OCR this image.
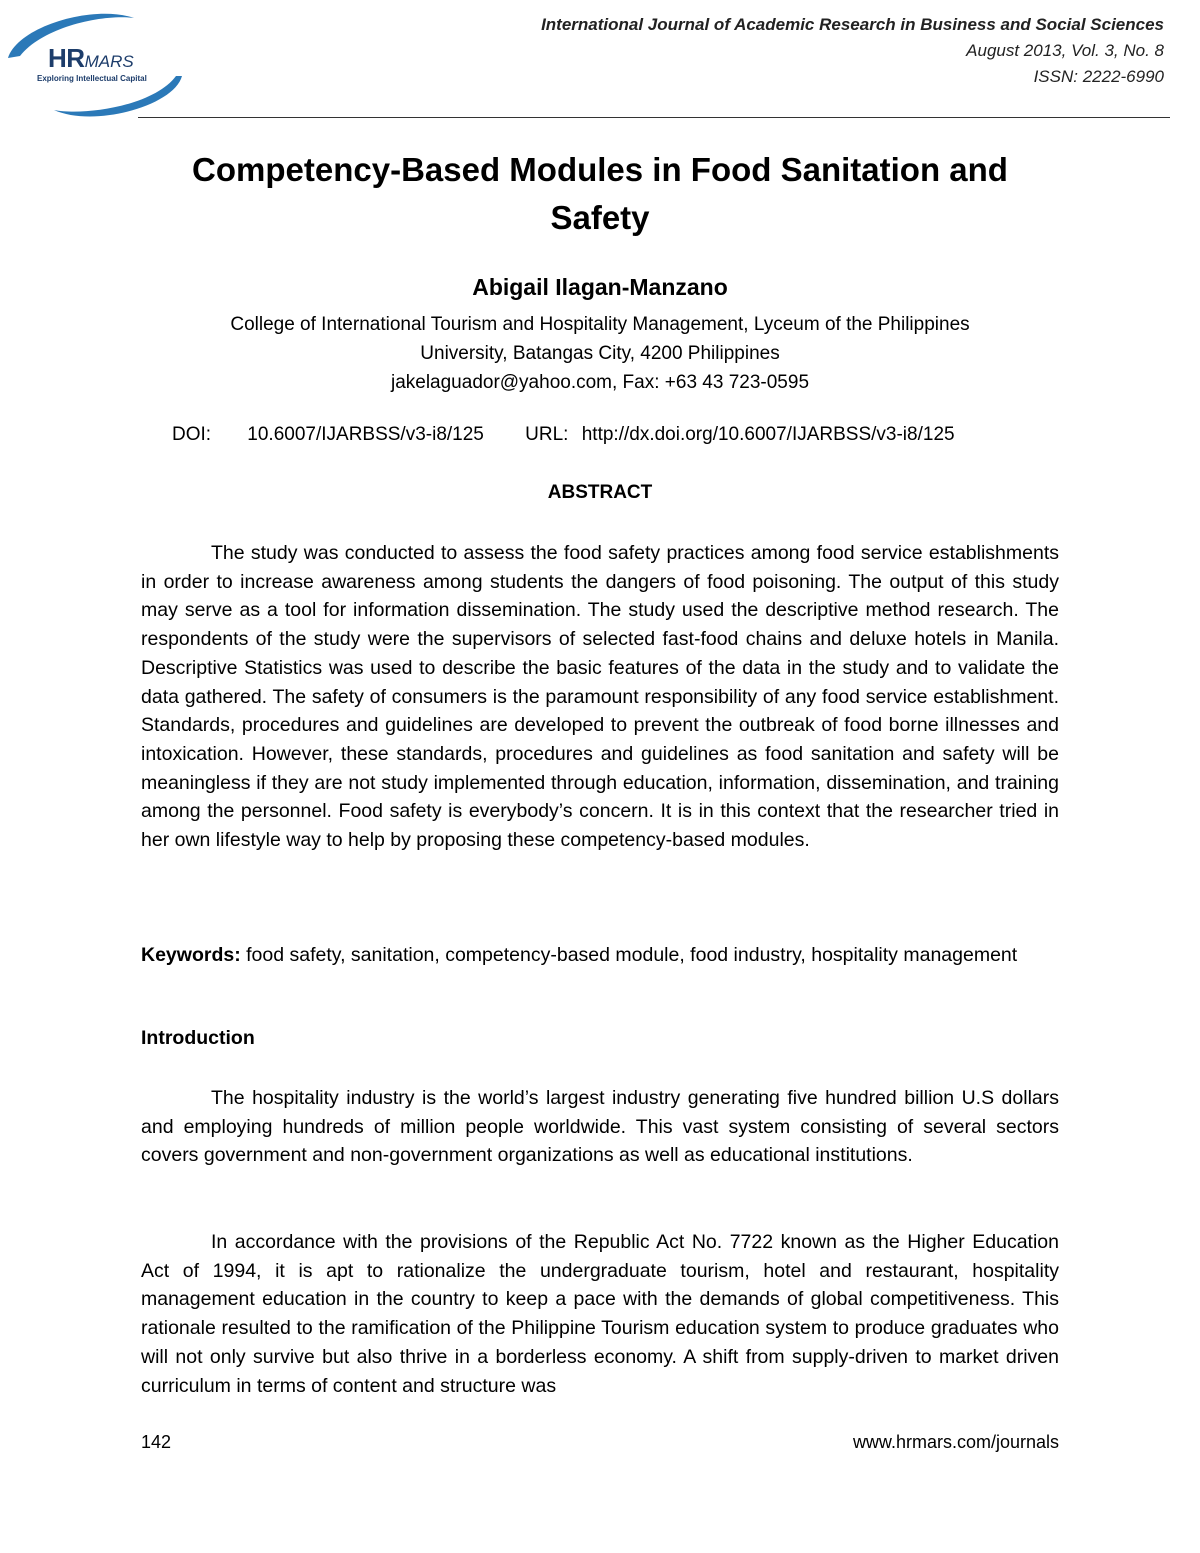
HRMARS
Exploring Intellectual Capital
International Journal of Academic Research in Business and Social Sciences
August 2013, Vol. 3, No. 8
ISSN: 2222-6990
Competency-Based Modules in Food Sanitation and
Safety
Abigail Ilagan-Manzano
College of International Tourism and Hospitality Management, Lyceum of the Philippines
University, Batangas City, 4200 Philippines
jakelaguador@yahoo.com, Fax: +63 43 723-0595
DOI: 10.6007/IJARBSS/v3-i8/125 URL: http://dx.doi.org/10.6007/IJARBSS/v3-i8/125
ABSTRACT

The study was conducted to assess the food safety practices among food service establishments in order to increase awareness among students the dangers of food poisoning. The output of this study may serve as a tool for information dissemination. The study used the descriptive method research. The respondents of the study were the supervisors of selected fast-food chains and deluxe hotels in Manila. Descriptive Statistics was used to describe the basic features of the data in the study and to validate the data gathered. The safety of consumers is the paramount responsibility of any food service establishment. Standards, procedures and guidelines are developed to prevent the outbreak of food borne illnesses and intoxication. However, these standards, procedures and guidelines as food sanitation and safety will be meaningless if they are not study implemented through education, information, dissemination, and training among the personnel. Food safety is everybody’s concern. It is in this context that the researcher tried in her own lifestyle way to help by proposing these competency-based modules.

Keywords: food safety, sanitation, competency-based module, food industry, hospitality management

Introduction

The hospitality industry is the world’s largest industry generating five hundred billion U.S dollars and employing hundreds of million people worldwide. This vast system consisting of several sectors covers government and non-government organizations as well as educational institutions.

In accordance with the provisions of the Republic Act No. 7722 known as the Higher Education Act of 1994, it is apt to rationalize the undergraduate tourism, hotel and restaurant, hospitality management education in the country to keep a pace with the demands of global competitiveness. This rationale resulted to the ramification of the Philippine Tourism education system to produce graduates who will not only survive but also thrive in a borderless economy. A shift from supply-driven to market driven curriculum in terms of content and structure was

142	www.hrmars.com/journals
